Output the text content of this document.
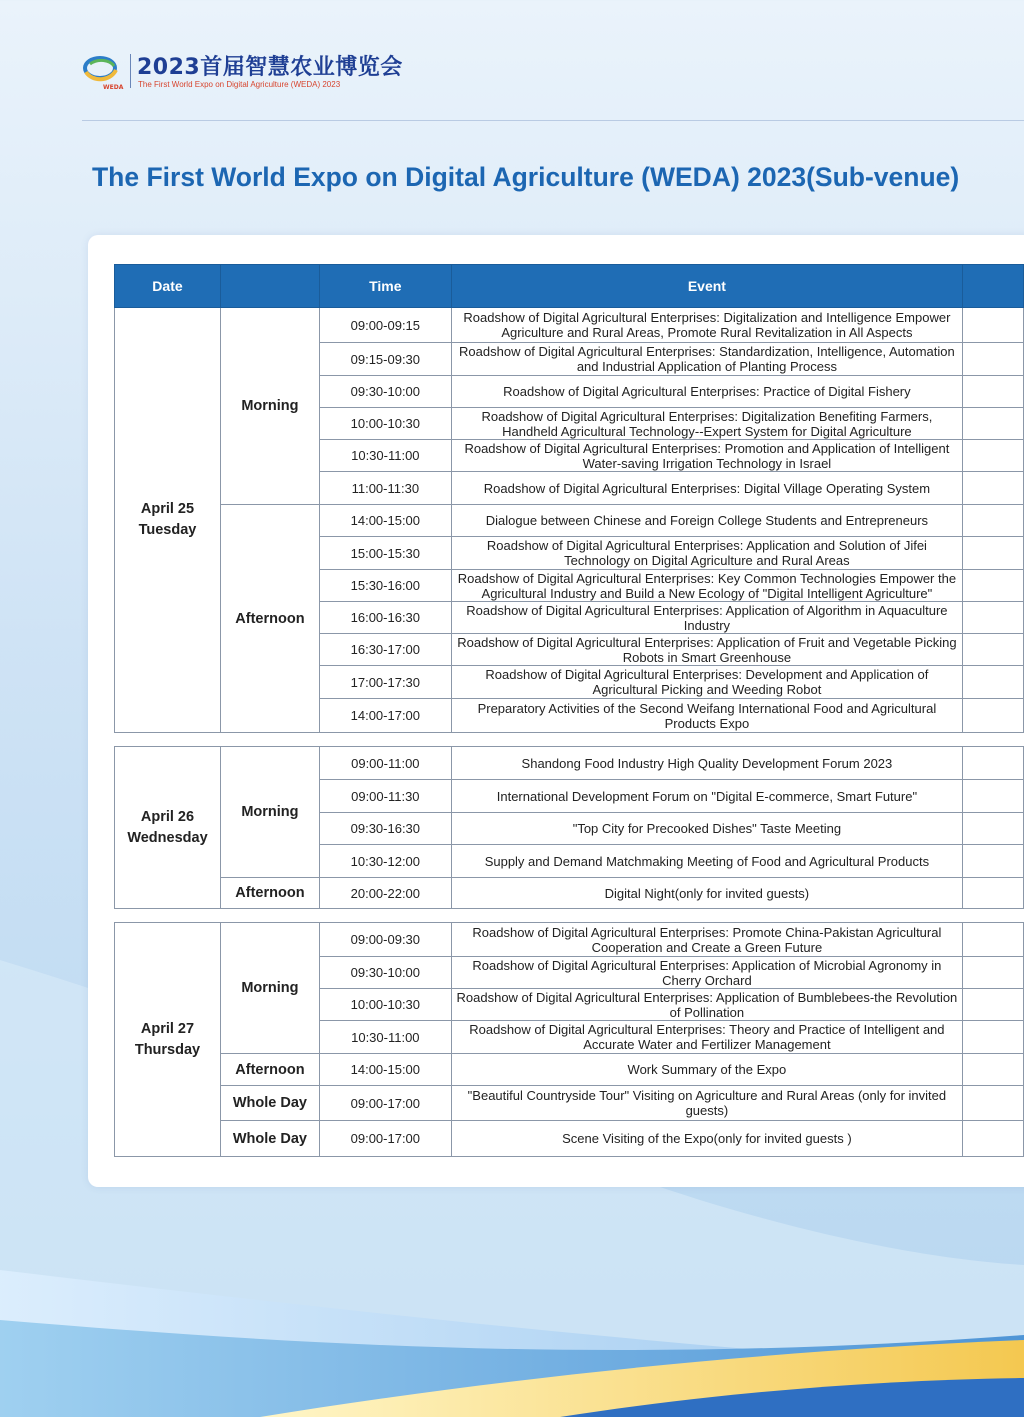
WEDA
2023首届智慧农业博览会
The First World Expo on Digital Agriculture (WEDA) 2023
The First World Expo on Digital Agriculture (WEDA) 2023(Sub-venue)
Date		Time	Event	

April 25
Tuesday	Morning	09:00-09:15	Roadshow of Digital Agricultural Enterprises: Digitalization and Intelligence Empower Agriculture and Rural Areas, Promote Rural Revitalization in All Aspects	
		09:15-09:30	Roadshow of Digital Agricultural Enterprises: Standardization, Intelligence, Automation and Industrial Application of Planting Process	
		09:30-10:00	Roadshow of Digital Agricultural Enterprises: Practice of Digital Fishery	
		10:00-10:30	Roadshow of Digital Agricultural Enterprises: Digitalization Benefiting Farmers, Handheld Agricultural Technology--Expert System for Digital Agriculture	
		10:30-11:00	Roadshow of Digital Agricultural Enterprises: Promotion and Application of Intelligent Water-saving Irrigation Technology in Israel	
		11:00-11:30	Roadshow of Digital Agricultural Enterprises: Digital Village Operating System	
	Afternoon	14:00-15:00	Dialogue between Chinese and Foreign College Students and Entrepreneurs	
		15:00-15:30	Roadshow of Digital Agricultural Enterprises: Application and Solution of Jifei Technology on Digital Agriculture and Rural Areas	
		15:30-16:00	Roadshow of Digital Agricultural Enterprises: Key Common Technologies Empower the Agricultural Industry and Build a New Ecology of "Digital Intelligent Agriculture"	
		16:00-16:30	Roadshow of Digital Agricultural Enterprises: Application of Algorithm in Aquaculture Industry	
		16:30-17:00	Roadshow of Digital Agricultural Enterprises: Application of Fruit and Vegetable Picking Robots in Smart Greenhouse	
		17:00-17:30	Roadshow of Digital Agricultural Enterprises: Development and Application of Agricultural Picking and Weeding Robot	
		14:00-17:00	Preparatory Activities of the Second Weifang International Food and Agricultural Products Expo	

April 26
Wednesday	Morning	09:00-11:00	Shandong Food Industry High Quality Development Forum 2023	
		09:00-11:30	International Development Forum on "Digital E-commerce, Smart Future"	
		09:30-16:30	"Top City for Precooked Dishes" Taste Meeting	
		10:30-12:00	Supply and Demand Matchmaking Meeting of Food and Agricultural Products	
	Afternoon	20:00-22:00	Digital Night(only for invited guests)	

April 27
Thursday	Morning	09:00-09:30	Roadshow of Digital Agricultural Enterprises: Promote China-Pakistan Agricultural Cooperation and Create a Green Future	
		09:30-10:00	Roadshow of Digital Agricultural Enterprises: Application of Microbial Agronomy in Cherry Orchard	
		10:00-10:30	Roadshow of Digital Agricultural Enterprises: Application of Bumblebees-the Revolution of Pollination	
		10:30-11:00	Roadshow of Digital Agricultural Enterprises: Theory and Practice of Intelligent and Accurate Water and Fertilizer Management	
	Afternoon	14:00-15:00	Work Summary of the Expo	
	Whole Day	09:00-17:00	"Beautiful Countryside Tour" Visiting on Agriculture and Rural Areas (only for invited guests)	
	Whole Day	09:00-17:00	Scene Visiting of the Expo(only for invited guests )	
